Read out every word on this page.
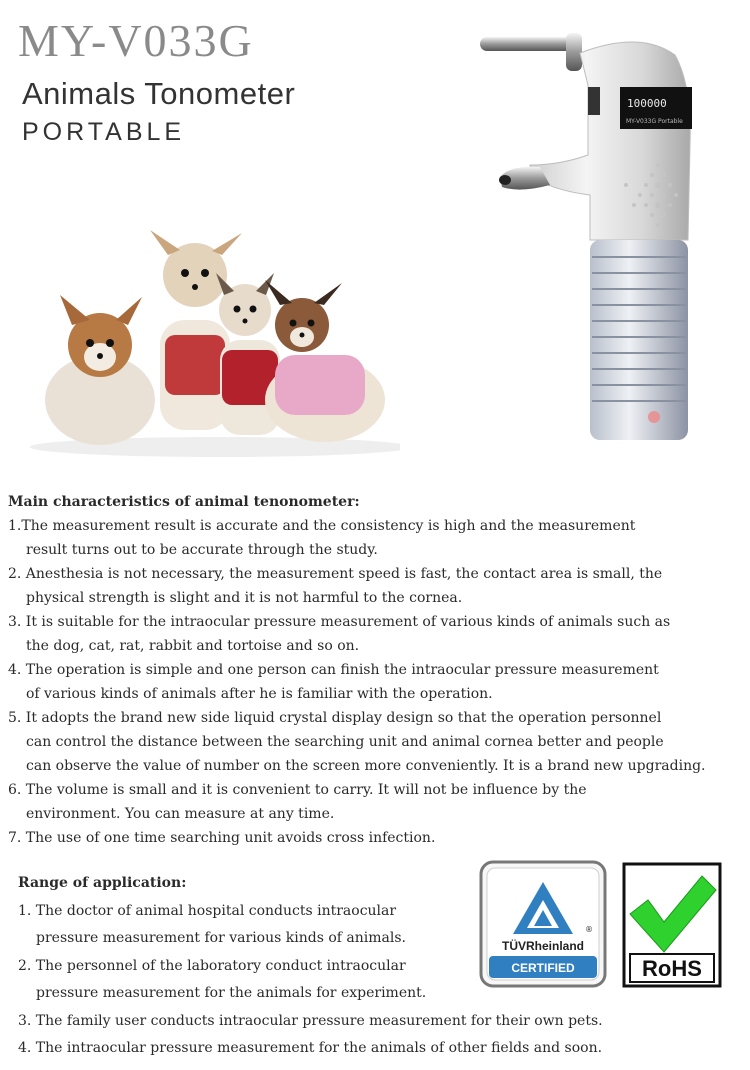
MY-V033G
Animals Tonometer
PORTABLE
100000
MY-V033G Portable
Main characteristics of animal tenonometer:
1.The measurement result is accurate and the consistency is high and the measurement
result turns out to be accurate through the study.
2. Anesthesia is not necessary, the measurement speed is fast, the contact area is small, the
physical strength is slight and it is not harmful to the cornea.
3. It is suitable for the intraocular pressure measurement of various kinds of animals such as
the dog, cat, rat, rabbit and tortoise and so on.
4. The operation is simple and one person can finish the intraocular pressure measurement
of various kinds of animals after he is familiar with the operation.
5. It adopts the brand new side liquid crystal display design so that the operation personnel
can control the distance between the searching unit and animal cornea better and people
can observe the value of number on the screen more conveniently. It is a brand new upgrading.
6. The volume is small and it is convenient to carry. It will not be influence by the
environment. You can measure at any time.
7. The use of one time searching unit avoids cross infection.
Range of application:
1. The doctor of animal hospital conducts intraocular
pressure measurement for various kinds of animals.
2. The personnel of the laboratory conduct intraocular
pressure measurement for the animals for experiment.
3. The family user conducts intraocular pressure measurement for their own pets.
4. The intraocular pressure measurement for the animals of other fields and soon.
®
TÜVRheinland
CERTIFIED	RoHS
